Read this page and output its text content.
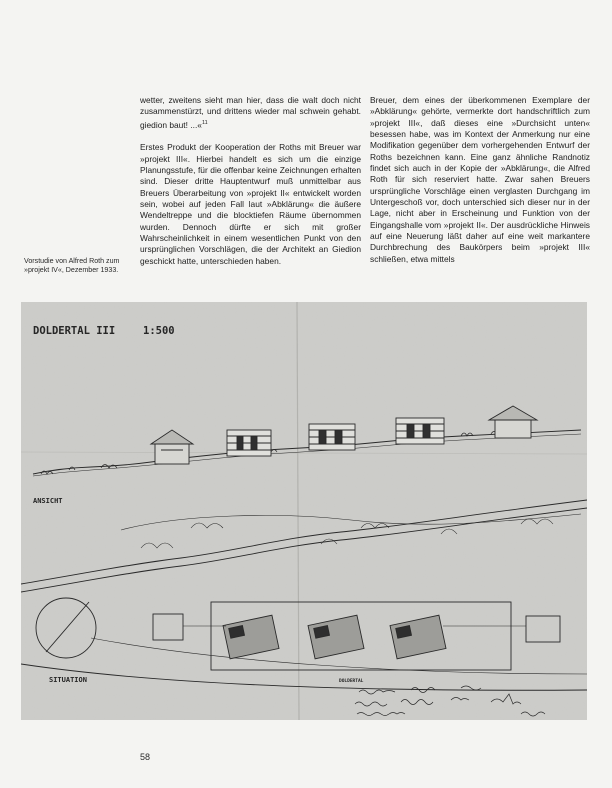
wetter, zweitens sieht man hier, dass die walt doch nicht zusammenstürzt, und drittens wieder mal schwein gehabt. giedion baut! ...«$^{11}$

Erstes Produkt der Kooperation der Roths mit Breuer war »projekt III«. Hierbei handelt es sich um die einzige Planungsstufe, für die offenbar keine Zeichnungen erhalten sind. Dieser dritte Hauptentwurf muß unmittelbar aus Breuers Überarbeitung von »projekt II« entwickelt worden sein, wobei auf jeden Fall laut »Abklärung« die äußere Wendeltreppe und die blocktiefen Räume übernommen wurden. Dennoch dürfte er sich mit großer Wahrscheinlichkeit in einem wesentlichen Punkt von den ursprünglichen Vorschlägen, die der Architekt an Giedion geschickt hatte, unterschieden haben.

Breuer, dem eines der überkommenen Exemplare der »Abklärung« gehörte, vermerkte dort handschriftlich zum »projekt III«, daß dieses eine »Durchsicht unten« besessen habe, was im Kontext der Anmerkung nur eine Modifikation gegenüber dem vorhergehenden Entwurf der Roths bezeichnen kann. Eine ganz ähnliche Randnotiz findet sich auch in der Kopie der »Abklärung«, die Alfred Roth für sich reserviert hatte. Zwar sahen Breuers ursprüngliche Vorschläge einen verglasten Durchgang im Untergeschoß vor, doch unterschied sich dieser nur in der Lage, nicht aber in Erscheinung und Funktion von der Eingangshalle vom »projekt II«. Der ausdrückliche Hinweis auf eine Neuerung läßt daher auf eine weit markantere Durchbrechung des Baukörpers beim »projekt III« schließen, etwa mittels

Vorstudie von Alfred Roth zum »projekt IV«, Dezember 1933.
DOLDERTAL III	1:500
ANSICHT
SITUATION	DOLDERTAL
58
